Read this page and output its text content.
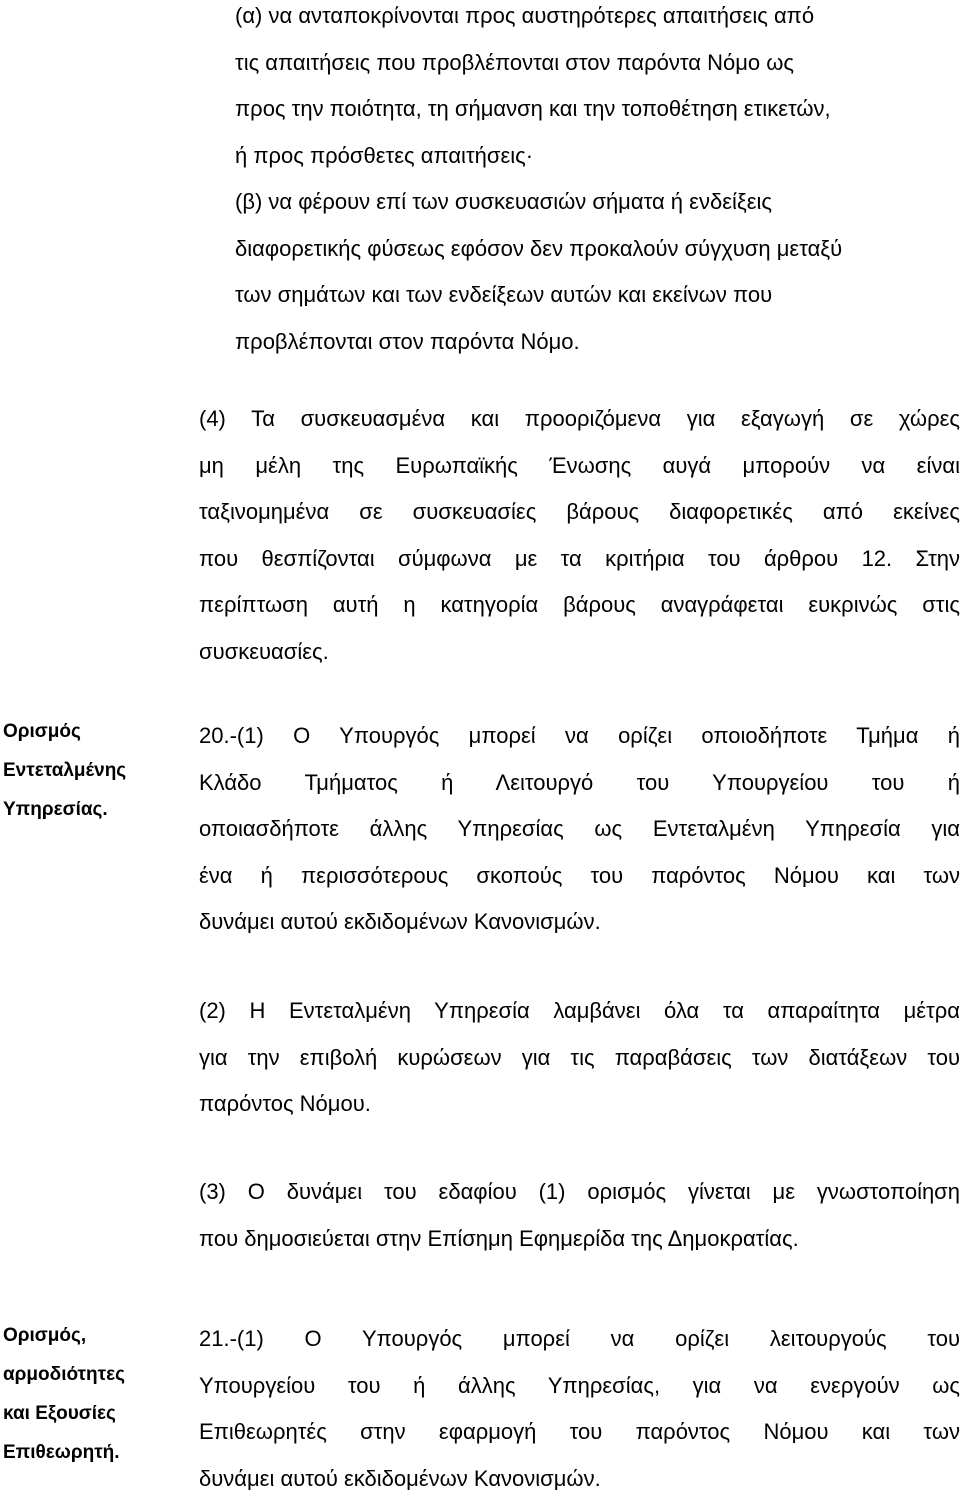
(α) να ανταποκρίνονται προς αυστηρότερες απαιτήσεις από
τις απαιτήσεις που προβλέπονται στον παρόντα Νόμο ως
προς την ποιότητα, τη σήμανση και την τοποθέτηση ετικετών,
ή προς πρόσθετες απαιτήσεις·
(β) να φέρουν επί των συσκευασιών σήματα ή ενδείξεις
διαφορετικής φύσεως εφόσον δεν προκαλούν σύγχυση μεταξύ
των σημάτων και των ενδείξεων αυτών και εκείνων που
προβλέπονται στον παρόντα Νόμο.
(4) Τα συσκευασμένα και προοριζόμενα για εξαγωγή σε χώρες
μη μέλη της Ευρωπαϊκής Ένωσης αυγά μπορούν να είναι
ταξινομημένα σε συσκευασίες βάρους διαφορετικές από εκείνες
που θεσπίζονται σύμφωνα με τα κριτήρια του άρθρου 12. Στην
περίπτωση αυτή η κατηγορία βάρους αναγράφεται ευκρινώς στις
συσκευασίες.
Ορισμός
Εντεταλμένης
Υπηρεσίας.
20.-(1) Ο Υπουργός μπορεί να ορίζει οποιοδήποτε Τμήμα ή
Κλάδο Τμήματος ή Λειτουργό του Υπουργείου του ή
οποιασδήποτε άλλης Υπηρεσίας ως Εντεταλμένη Υπηρεσία για
ένα ή περισσότερους σκοπούς του παρόντος Νόμου και των
δυνάμει αυτού εκδιδομένων Κανονισμών.
(2) Η Εντεταλμένη Υπηρεσία λαμβάνει όλα τα απαραίτητα μέτρα
για την επιβολή κυρώσεων για τις παραβάσεις των διατάξεων του
παρόντος Νόμου.
(3) Ο δυνάμει του εδαφίου (1) ορισμός γίνεται με γνωστοποίηση
που δημοσιεύεται στην Επίσημη Εφημερίδα της Δημοκρατίας.
Ορισμός,
αρμοδιότητες
και Εξουσίες
Επιθεωρητή.
21.-(1) Ο Υπουργός μπορεί να ορίζει λειτουργούς του
Υπουργείου του ή άλλης Υπηρεσίας, για να ενεργούν ως
Επιθεωρητές στην εφαρμογή του παρόντος Νόμου και των
δυνάμει αυτού εκδιδομένων Κανονισμών.
